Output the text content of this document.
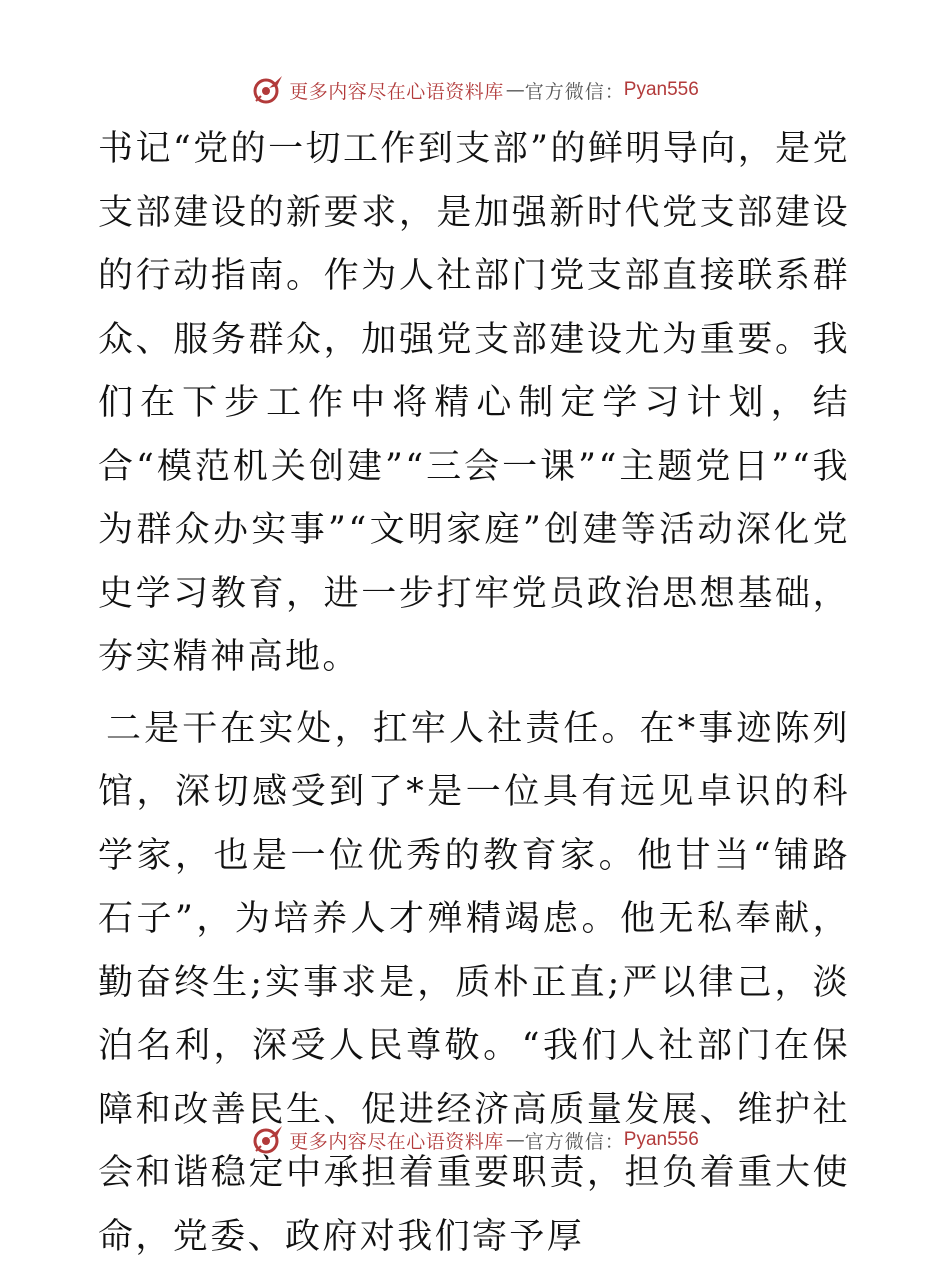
更多内容尽在心语资料库 — 官方微信 ： Pyan556

书记“党的一切工作到支部”的鲜明导向，是党支部建设的新要求，是加强新时代党支部建设的行动指南。作为人社部门党支部直接联系群众、服务群众，加强党支部建设尤为重要。我们在下步工作中将精心制定学习计划，结合“模范机关创建”“三会一课”“主题党日”“我为群众办实事”“文明家庭”创建等活动深化党史学习教育，进一步打牢党员政治思想基础，夯实精神高地。

二是干在实处，扛牢人社责任。在*事迹陈列馆，深切感受到了*是一位具有远见卓识的科学家，也是一位优秀的教育家。他甘当“铺路石子”，为培养人才殚精竭虑。他无私奉献，勤奋终生;实事求是，质朴正直;严以律己，淡泊名利，深受人民尊敬。“我们人社部门在保障和改善民生、促进经济高质量发展、维护社会和谐稳定中承担着重要职责，担负着重大使命，党委、政府对我们寄予厚

更多内容尽在心语资料库 — 官方微信 ： Pyan556
